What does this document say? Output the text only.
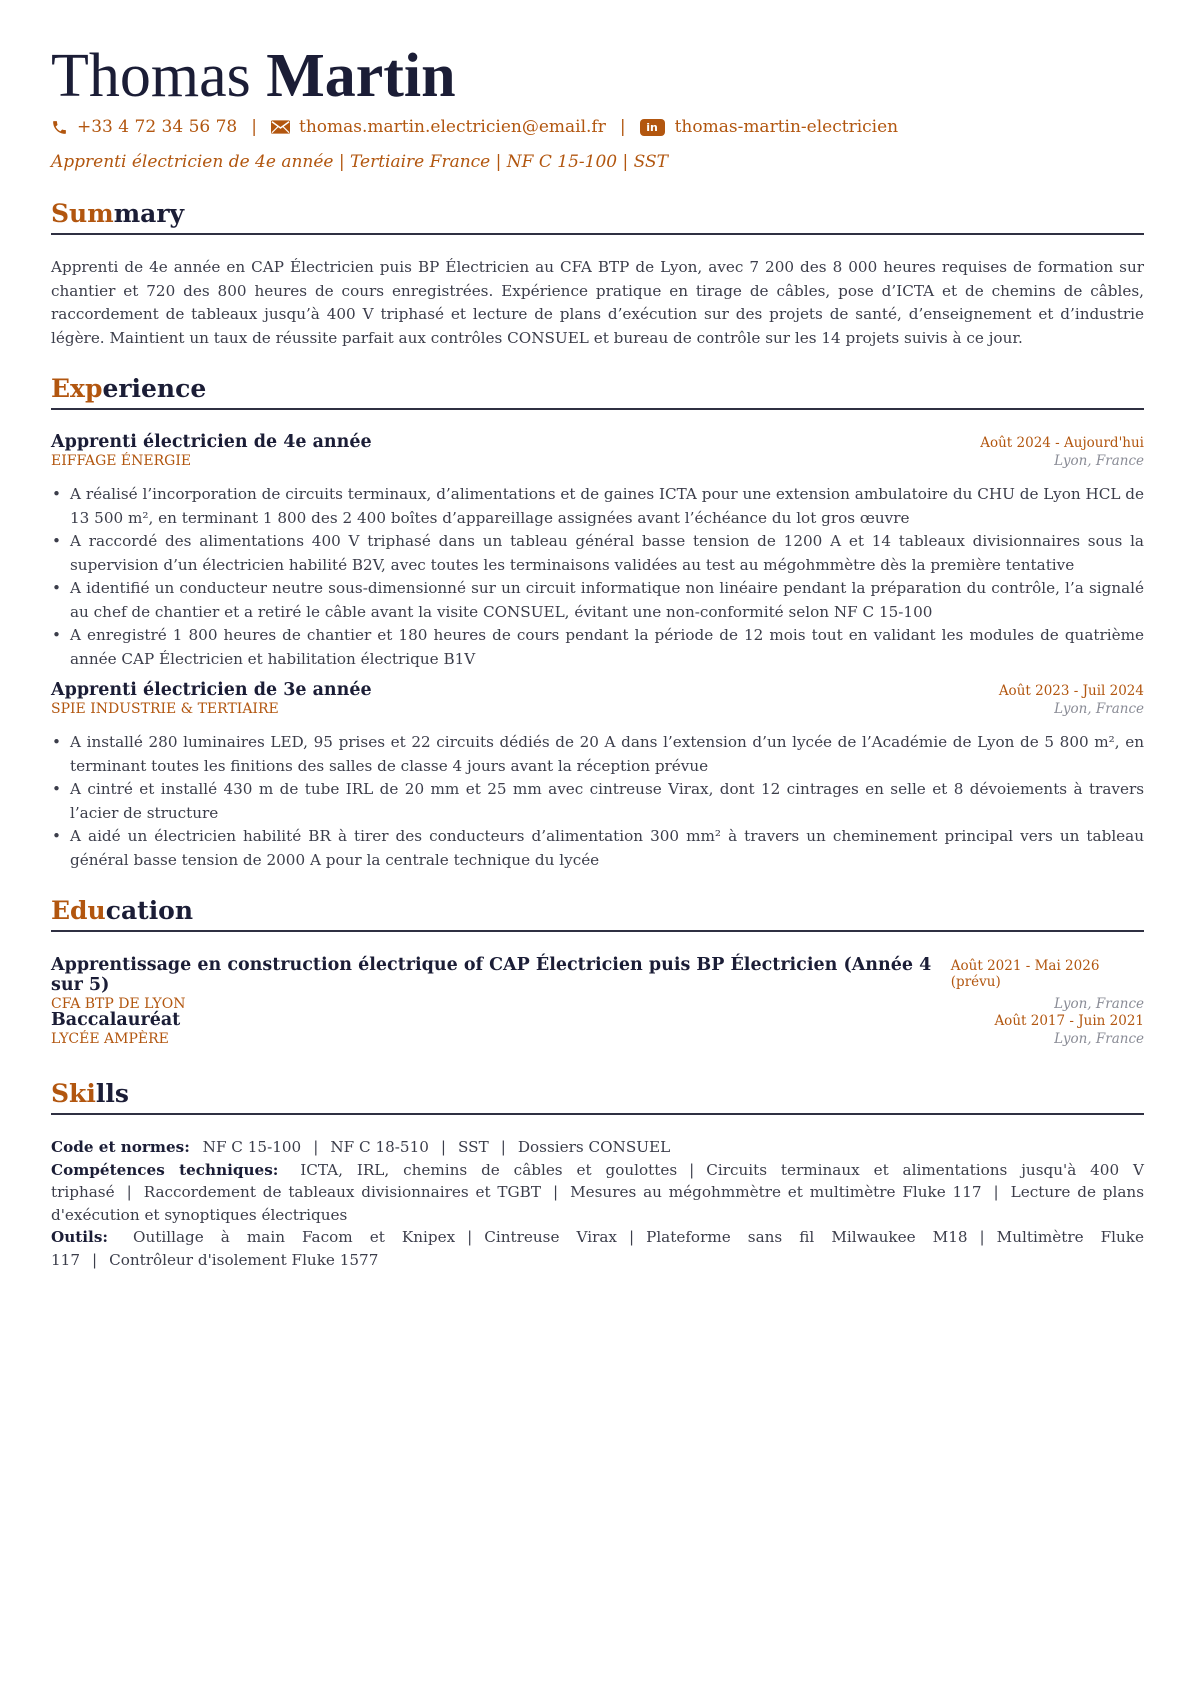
Thomas Martin
+33 4 72 34 56 78 | thomas.martin.electricien@email.fr |	in thomas-martin-electricien
Apprenti électricien de 4e année | Tertiaire France | NF C 15-100 | SST
Summary
Apprenti de 4e année en CAP Électricien puis BP Électricien au CFA BTP de Lyon, avec 7 200 des 8 000 heures requises de formation sur chantier et 720 des 800 heures de cours enregistrées. Expérience pratique en tirage de câbles, pose d’ICTA et de chemins de câbles, raccordement de tableaux jusqu’à 400 V triphasé et lecture de plans d’exécution sur des projets de santé, d’enseignement et d’industrie légère. Maintient un taux de réussite parfait aux contrôles CONSUEL et bureau de contrôle sur les 14 projets suivis à ce jour.
Experience
Apprenti électricien de 4e année	Août 2024 - Aujourd'hui
EIFFAGE ÉNERGIE	Lyon, France
• A réalisé l’incorporation de circuits terminaux, d’alimentations et de gaines ICTA pour une extension ambulatoire du CHU de Lyon HCL de 13 500 m², en terminant 1 800 des 2 400 boîtes d’appareillage assignées avant l’échéance du lot gros œuvre
• A raccordé des alimentations 400 V triphasé dans un tableau général basse tension de 1200 A et 14 tableaux divisionnaires sous la supervision d’un électricien habilité B2V, avec toutes les terminaisons validées au test au mégohmmètre dès la première tentative
• A identifié un conducteur neutre sous-dimensionné sur un circuit informatique non linéaire pendant la préparation du contrôle, l’a signalé au chef de chantier et a retiré le câble avant la visite CONSUEL, évitant une non-conformité selon NF C 15-100
• A enregistré 1 800 heures de chantier et 180 heures de cours pendant la période de 12 mois tout en validant les modules de quatrième année CAP Électricien et habilitation électrique B1V
Apprenti électricien de 3e année	Août 2023 - Juil 2024
SPIE INDUSTRIE & TERTIAIRE	Lyon, France
• A installé 280 luminaires LED, 95 prises et 22 circuits dédiés de 20 A dans l’extension d’un lycée de l’Académie de Lyon de 5 800 m², en terminant toutes les finitions des salles de classe 4 jours avant la réception prévue
• A cintré et installé 430 m de tube IRL de 20 mm et 25 mm avec cintreuse Virax, dont 12 cintrages en selle et 8 dévoiements à travers l’acier de structure
• A aidé un électricien habilité BR à tirer des conducteurs d’alimentation 300 mm² à travers un cheminement principal vers un tableau général basse tension de 2000 A pour la centrale technique du lycée
Education
Apprentissage en construction électrique of CAP Électricien puis BP Électricien (Année 4 sur 5)
Août 2021 - Mai 2026 (prévu)
CFA BTP DE LYON	Lyon, France
Baccalauréat	Août 2017 - Juin 2021
LYCÉE AMPÈRE	Lyon, France
Skills
Code et normes: NF C 15-100 | NF C 18-510 | SST | Dossiers CONSUEL
Compétences techniques: ICTA, IRL, chemins de câbles et goulottes | Circuits terminaux et alimentations jusqu'à 400 V triphasé | Raccordement de tableaux divisionnaires et TGBT | Mesures au mégohmmètre et multimètre Fluke 117 | Lecture de plans d'exécution et synoptiques électriques
Outils: Outillage à main Facom et Knipex | Cintreuse Virax | Plateforme sans fil Milwaukee M18 | Multimètre Fluke 117 | Contrôleur d'isolement Fluke 1577
